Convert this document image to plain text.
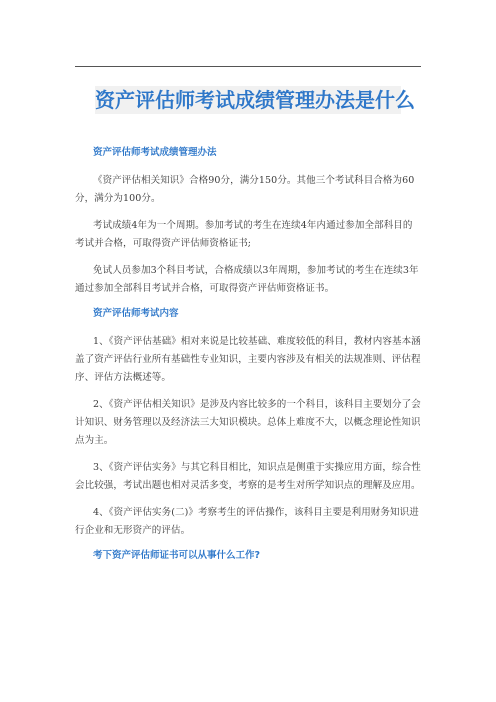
资产评估师考试成绩管理办法是什么

资产评估师考试成绩管理办法

《资产评估相关知识》合格90分，满分150分。其他三个考试科目合格为60分，满分为100分。

考试成绩4年为一个周期。参加考试的考生在连续4年内通过参加全部科目的考试并合格，可取得资产评估师资格证书;

免试人员参加3个科目考试，合格成绩以3年周期，参加考试的考生在连续3年通过参加全部科目考试并合格，可取得资产评估师资格证书。

资产评估师考试内容

1、《资产评估基础》相对来说是比较基础、难度较低的科目，教材内容基本涵盖了资产评估行业所有基础性专业知识，主要内容涉及有相关的法规准则、评估程序、评估方法概述等。

2、《资产评估相关知识》是涉及内容比较多的一个科目，该科目主要划分了会计知识、财务管理以及经济法三大知识模块。总体上难度不大，以概念理论性知识点为主。

3、《资产评估实务》与其它科目相比，知识点是侧重于实操应用方面，综合性会比较强，考试出题也相对灵活多变，考察的是考生对所学知识点的理解及应用。

4、《资产评估实务(二)》考察考生的评估操作，该科目主要是利用财务知识进行企业和无形资产的评估。

考下资产评估师证书可以从事什么工作?
